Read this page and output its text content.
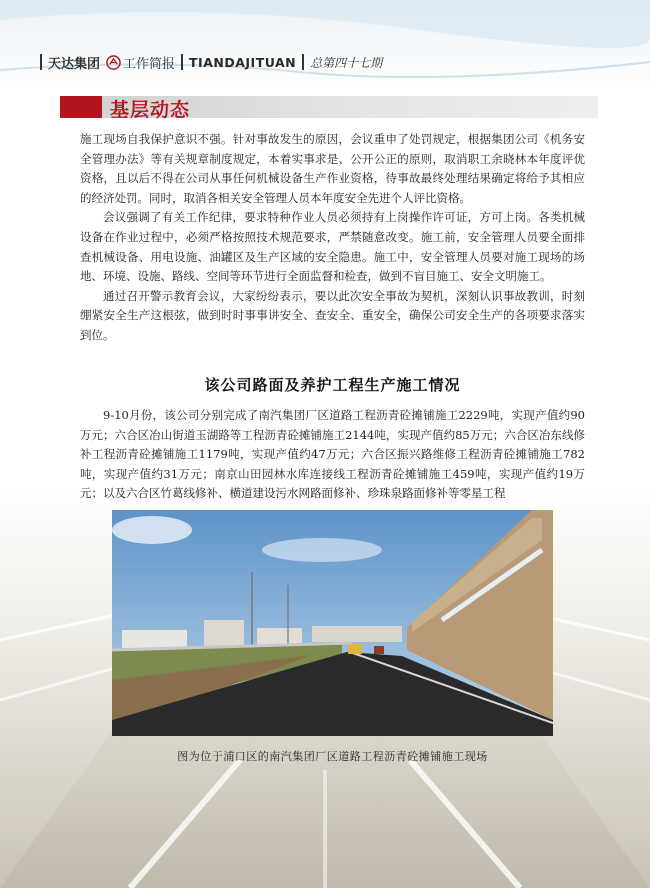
天达集团 工作简报 TIANDAJITUAN 总第四十七期
基层动态

施工现场自我保护意识不强。针对事故发生的原因，会议重申了处罚规定，根据集团公司《机务安全管理办法》等有关规章制度规定，本着实事求是、公开公正的原则，取消职工余晓林本年度评优资格，且以后不得在公司从事任何机械设备生产作业资格，待事故最终处理结果确定将给予其相应的经济处罚。同时，取消各相关安全管理人员本年度安全先进个人评比资格。

会议强调了有关工作纪律，要求特种作业人员必须持有上岗操作许可证，方可上岗。各类机械设备在作业过程中，必须严格按照技术规范要求，严禁随意改变。施工前，安全管理人员要全面排查机械设备、用电设施、油罐区及生产区域的安全隐患。施工中，安全管理人员要对施工现场的场地、环境、设施、路线、空间等环节进行全面监督和检查，做到不盲目施工、安全文明施工。

通过召开警示教育会议，大家纷纷表示，要以此次安全事故为契机，深刻认识事故教训，时刻绷紧安全生产这根弦，做到时时事事讲安全、查安全、重安全，确保公司安全生产的各项要求落实到位。

该公司路面及养护工程生产施工情况

9-10月份，该公司分别完成了南汽集团厂区道路工程沥青砼摊铺施工2229吨，实现产值约90万元；六合区冶山街道玉湖路等工程沥青砼摊铺施工2144吨，实现产值约85万元；六合区冶东线修补工程沥青砼摊铺施工1179吨，实现产值约47万元；六合区振兴路维修工程沥青砼摊铺施工782吨，实现产值约31万元；南京山田园林水库连接线工程沥青砼摊铺施工459吨，实现产值约19万元；以及六合区竹葛线修补、横道建设污水网路面修补、珍珠泉路面修补等零星工程

图为位于浦口区的南汽集团厂区道路工程沥青砼摊铺施工现场
